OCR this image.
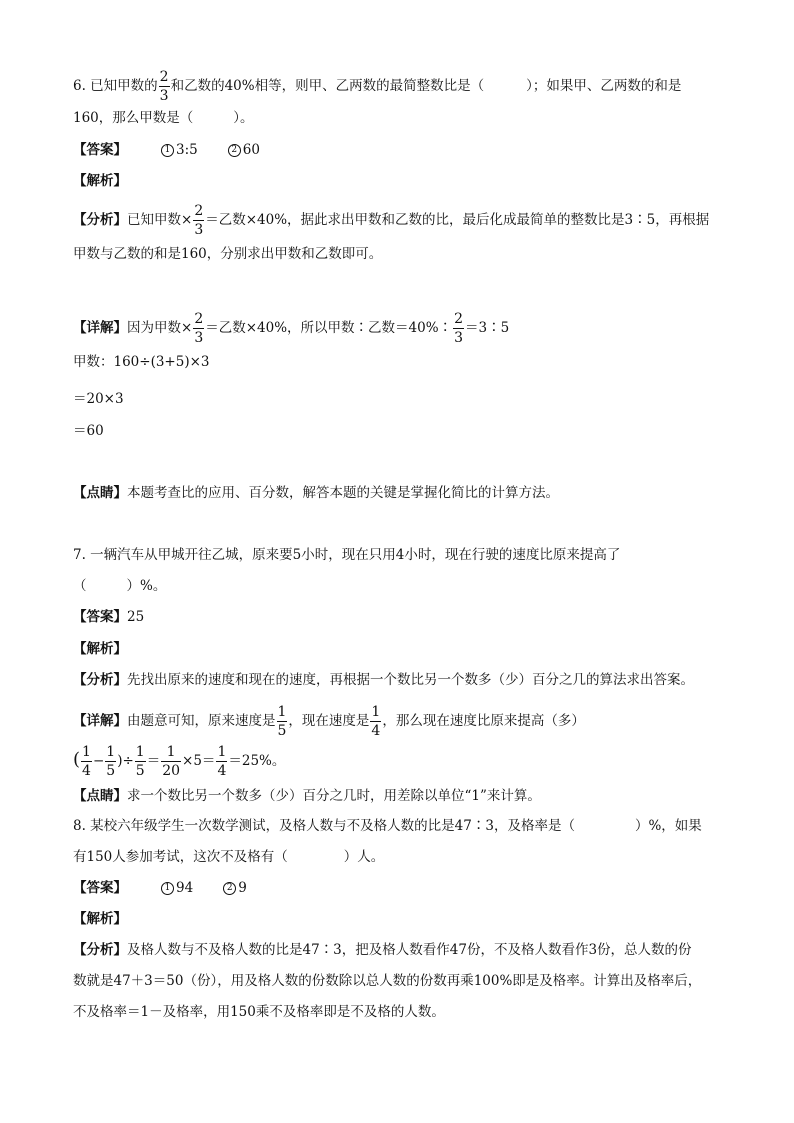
6. 已知甲数的 $\frac{2}{3}$ 和乙数的40%相等，则甲、乙两数的最简整数比是（	）；如果甲、乙两数的和是
160，那么甲数是（	）。
【答案】	1 3:5	2 60
【解析】
【分析】已知甲数× $\frac{2}{3}$ ＝乙数×40%，据此求出甲数和乙数的比，最后化成最简单的整数比是3∶5，再根据
甲数与乙数的和是160，分别求出甲数和乙数即可。
【详解】因为甲数× $\frac{2}{3}$ ＝乙数×40%，所以甲数∶乙数＝40%∶ $\frac{2}{3}$ ＝3∶5
甲数：160÷(3+5)×3
＝20×3
＝60
【点睛】本题考查比的应用、百分数，解答本题的关键是掌握化简比的计算方法。
7. 一辆汽车从甲城开往乙城，原来要5小时，现在只用4小时，现在行驶的速度比原来提高了
（	）%。
【答案】25
【解析】
【分析】先找出原来的速度和现在的速度，再根据一个数比另一个数多（少）百分之几的算法求出答案。
【详解】由题意可知，原来速度是 $\frac{1}{5}$ ，现在速度是 $\frac{1}{4}$ ，那么现在速度比原来提高（多）
( $\frac{1}{4} - \frac{1}{5}$ )÷ $\frac{1}{5} = \frac{1}{20} \times 5= \frac{1}{4} =25\%$。
【点睛】求一个数比另一个数多（少）百分之几时，用差除以单位“1”来计算。
8. 某校六年级学生一次数学测试，及格人数与不及格人数的比是47∶3，及格率是（	）%，如果
有150人参加考试，这次不及格有（	）人。
【答案】	1 94	2 9
【解析】
【分析】及格人数与不及格人数的比是47∶3，把及格人数看作47份，不及格人数看作3份，总人数的份
数就是47＋3＝50（份），用及格人数的份数除以总人数的份数再乘100%即是及格率。计算出及格率后，
不及格率＝1－及格率，用150乘不及格率即是不及格的人数。
